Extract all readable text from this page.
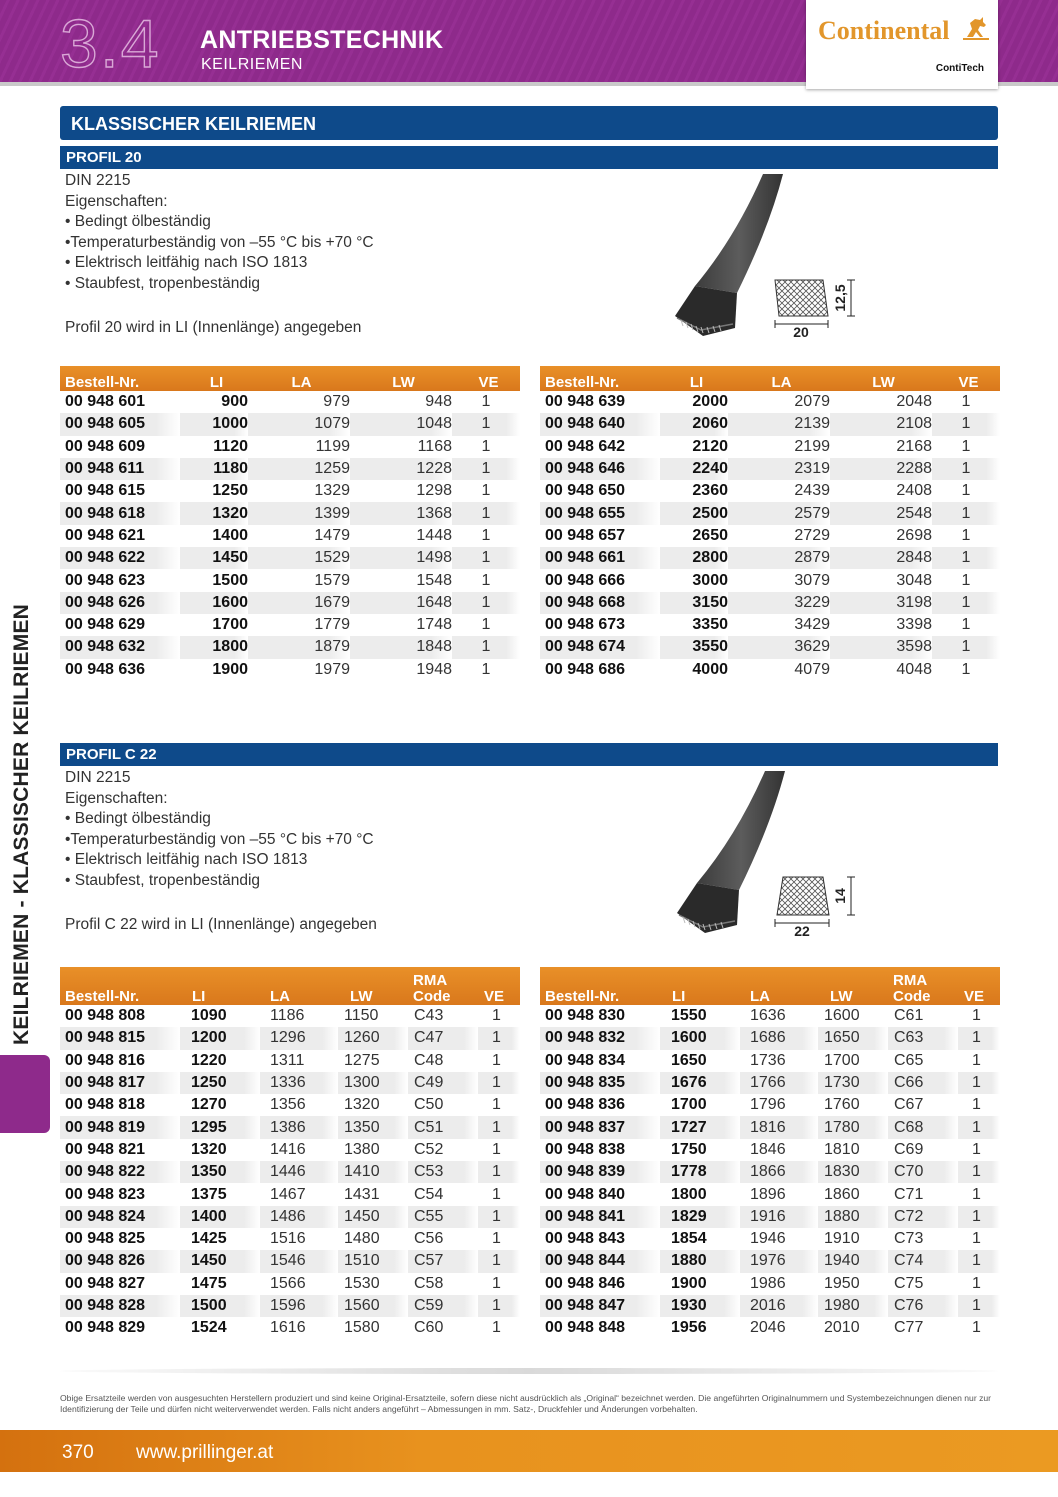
3.4 ANTRIEBSTECHNIK
KEILRIEMEN
Continental
ContiTech
KEILRIEMEN - KLASSISCHER KEILRIEMEN
KLASSISCHER KEILRIEMEN
PROFIL 20
DIN 2215
Eigenschaften:
• Bedingt ölbeständig
•Temperaturbeständig von –55 °C bis +70 °C
• Elektrisch leitfähig nach ISO 1813
• Staubfest, tropenbeständig
Profil 20 wird in LI (Innenlänge) angegeben	20
12,5
Bestell-Nr.	LI	LA	LW	VE
00 948 601	900	979	948	1
00 948 605	1000	1079	1048	1
00 948 609	1120	1199	1168	1
00 948 611	1180	1259	1228	1
00 948 615	1250	1329	1298	1
00 948 618	1320	1399	1368	1
00 948 621	1400	1479	1448	1
00 948 622	1450	1529	1498	1
00 948 623	1500	1579	1548	1
00 948 626	1600	1679	1648	1
00 948 629	1700	1779	1748	1
00 948 632	1800	1879	1848	1
00 948 636	1900	1979	1948	1
Bestell-Nr.	LI	LA	LW	VE
00 948 639	2000	2079	2048	1
00 948 640	2060	2139	2108	1
00 948 642	2120	2199	2168	1
00 948 646	2240	2319	2288	1
00 948 650	2360	2439	2408	1
00 948 655	2500	2579	2548	1
00 948 657	2650	2729	2698	1
00 948 661	2800	2879	2848	1
00 948 666	3000	3079	3048	1
00 948 668	3150	3229	3198	1
00 948 673	3350	3429	3398	1
00 948 674	3550	3629	3598	1
00 948 686	4000	4079	4048	1
PROFIL C 22
DIN 2215
Eigenschaften:
• Bedingt ölbeständig
•Temperaturbeständig von –55 °C bis +70 °C
• Elektrisch leitfähig nach ISO 1813
• Staubfest, tropenbeständig
Profil C 22 wird in LI (Innenlänge) angegeben	22
14
Bestell-Nr.	LI	LA	LW	RMA Code	VE
00 948 808	1090	1186	1150	C43	1
00 948 815	1200	1296	1260	C47	1
00 948 816	1220	1311	1275	C48	1
00 948 817	1250	1336	1300	C49	1
00 948 818	1270	1356	1320	C50	1
00 948 819	1295	1386	1350	C51	1
00 948 821	1320	1416	1380	C52	1
00 948 822	1350	1446	1410	C53	1
00 948 823	1375	1467	1431	C54	1
00 948 824	1400	1486	1450	C55	1
00 948 825	1425	1516	1480	C56	1
00 948 826	1450	1546	1510	C57	1
00 948 827	1475	1566	1530	C58	1
00 948 828	1500	1596	1560	C59	1
00 948 829	1524	1616	1580	C60	1
Bestell-Nr.	LI	LA	LW	RMA Code	VE
00 948 830	1550	1636	1600	C61	1
00 948 832	1600	1686	1650	C63	1
00 948 834	1650	1736	1700	C65	1
00 948 835	1676	1766	1730	C66	1
00 948 836	1700	1796	1760	C67	1
00 948 837	1727	1816	1780	C68	1
00 948 838	1750	1846	1810	C69	1
00 948 839	1778	1866	1830	C70	1
00 948 840	1800	1896	1860	C71	1
00 948 841	1829	1916	1880	C72	1
00 948 843	1854	1946	1910	C73	1
00 948 844	1880	1976	1940	C74	1
00 948 846	1900	1986	1950	C75	1
00 948 847	1930	2016	1980	C76	1
00 948 848	1956	2046	2010	C77	1
Obige Ersatzteile werden von ausgesuchten Herstellern produziert und sind keine Original-Ersatzteile, sofern diese nicht ausdrücklich als „Original“ bezeichnet werden. Die angeführten Originalnummern und Systembezeichnungen dienen nur zur Identifizierung der Teile und dürfen nicht weiterverwendet werden. Falls nicht anders angeführt – Abmessungen in mm. Satz-, Druckfehler und Änderungen vorbehalten.
370 www.prillinger.at
